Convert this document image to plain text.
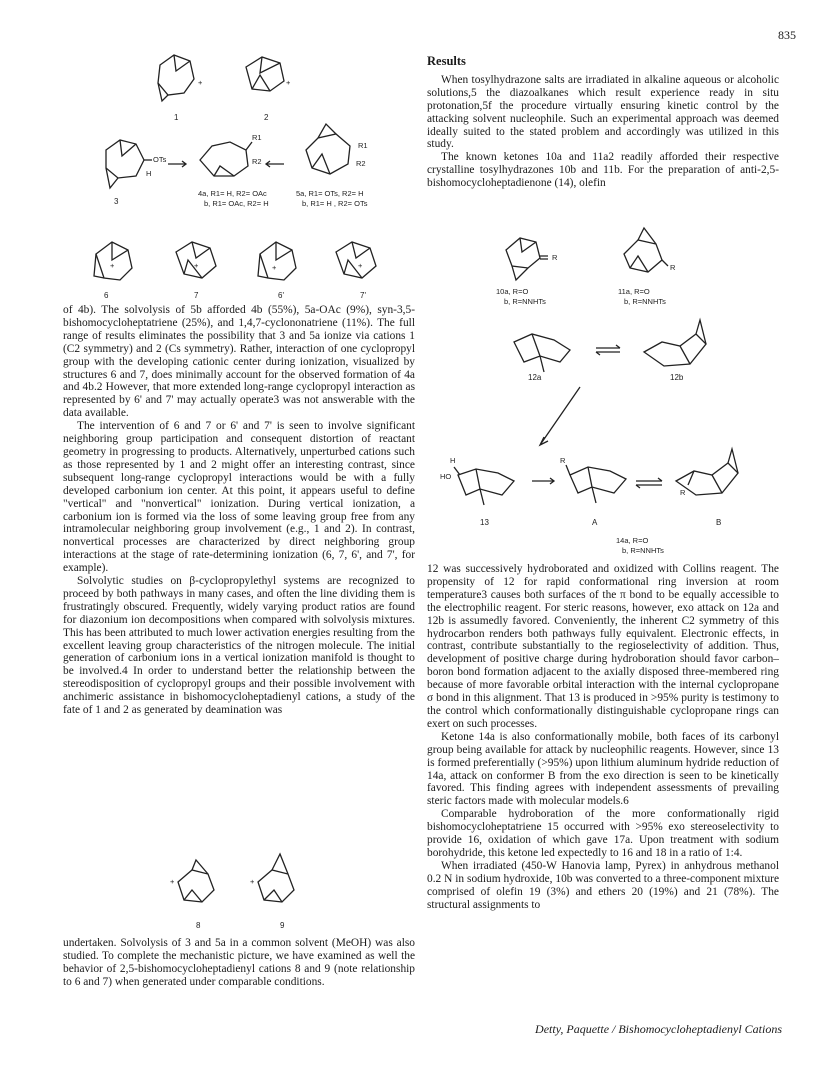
835
+	+
1	2
OTs
H
3
R1
R2
R1
R2
4a, R1= H, R2= OAc
b, R1= OAc, R2= H
5a, R1= OTs, R2= H
b, R1= H , R2= OTs
+	+	+	+
6	7	6'	7'

of 4b). The solvolysis of 5b afforded 4b (55%), 5a-OAc (9%), syn-3,5-bishomocycloheptatriene (25%), and 1,4,7-cyclononatriene (11%). The full range of results eliminates the possibility that 3 and 5a ionize via cations 1 (C2 symmetry) and 2 (Cs symmetry). Rather, interaction of one cyclopropyl group with the developing cationic center during ionization, visualized by structures 6 and 7, does minimally account for the observed formation of 4a and 4b.2 However, that more extended long-range cyclopropyl interaction as represented by 6' and 7' may actually operate3 was not answerable with the data available.

The intervention of 6 and 7 or 6' and 7' is seen to involve significant neighboring group participation and consequent distortion of reactant geometry in progressing to products. Alternatively, unperturbed cations such as those represented by 1 and 2 might offer an interesting contrast, since subsequent long-range cyclopropyl interactions would be with a fully developed carbonium ion center. At this point, it appears useful to define "vertical" and "nonvertical" ionization. During vertical ionization, a carbonium ion is formed via the loss of some leaving group free from any intramolecular neighboring group involvement (e.g., 1 and 2). In contrast, nonvertical processes are characterized by direct neighboring group interactions at the stage of rate-determining ionization (6, 7, 6', and 7', for example).

Solvolytic studies on β-cyclopropylethyl systems are recognized to proceed by both pathways in many cases, and often the line dividing them is frustratingly obscured. Frequently, widely varying product ratios are found for diazonium ion decompositions when compared with solvolysis mixtures. This has been attributed to much lower activation energies resulting from the excellent leaving group characteristics of the nitrogen molecule. The initial generation of carbonium ions in a vertical ionization manifold is thought to be involved.4 In order to understand better the relationship between the stereodisposition of cyclopropyl groups and their possible involvement with anchimeric assistance in bishomocycloheptadienyl cations, a study of the fate of 1 and 2 as generated by deamination was

+	+
8	9

undertaken. Solvolysis of 3 and 5a in a common solvent (MeOH) was also studied. To complete the mechanistic picture, we have examined as well the behavior of 2,5-bishomocycloheptadienyl cations 8 and 9 (note relationship to 6 and 7) when generated under comparable conditions.

Results

When tosylhydrazone salts are irradiated in alkaline aqueous or alcoholic solutions,5 the diazoalkanes which result experience ready in situ protonation,5f the procedure virtually ensuring kinetic control by the attacking solvent nucleophile. Such an experimental approach was deemed ideally suited to the stated problem and accordingly was utilized in this study.

The known ketones 10a and 11a2 readily afforded their respective crystalline tosylhydrazones 10b and 11b. For the preparation of anti-2,5-bishomocycloheptadienone (14), olefin

R
R
10a, R=O
b, R=NNHTs
11a, R=O
b, R=NNHTs
12a	12b
H
HO
R
R
13	A	B
14a, R=O
b, R=NNHTs

12 was successively hydroborated and oxidized with Collins reagent. The propensity of 12 for rapid conformational ring inversion at room temperature3 causes both surfaces of the π bond to be equally accessible to the electrophilic reagent. For steric reasons, however, exo attack on 12a and 12b is assumedly favored. Conveniently, the inherent C2 symmetry of this hydrocarbon renders both pathways fully equivalent. Electronic effects, in contrast, contribute substantially to the regioselectivity of addition. Thus, development of positive charge during hydroboration should favor carbon–boron bond formation adjacent to the axially disposed three-membered ring because of more favorable orbital interaction with the internal cyclopropane σ bond in this alignment. That 13 is produced in >95% purity is testimony to the control which conformationally distinguishable cyclopropane rings can exert on such processes.

Ketone 14a is also conformationally mobile, both faces of its carbonyl group being available for attack by nucleophilic reagents. However, since 13 is formed preferentially (>95%) upon lithium aluminum hydride reduction of 14a, attack on conformer B from the exo direction is seen to be kinetically favored. This finding agrees with independent assessments of prevailing steric factors made with molecular models.6

Comparable hydroboration of the more conformationally rigid bishomocycloheptatriene 15 occurred with >95% exo stereoselectivity to provide 16, oxidation of which gave 17a. Upon treatment with sodium borohydride, this ketone led expectedly to 16 and 18 in a ratio of 1:4.

When irradiated (450-W Hanovia lamp, Pyrex) in anhydrous methanol 0.2 N in sodium hydroxide, 10b was converted to a three-component mixture comprised of olefin 19 (3%) and ethers 20 (19%) and 21 (78%). The structural assignments to

Detty, Paquette / Bishomocycloheptadienyl Cations
